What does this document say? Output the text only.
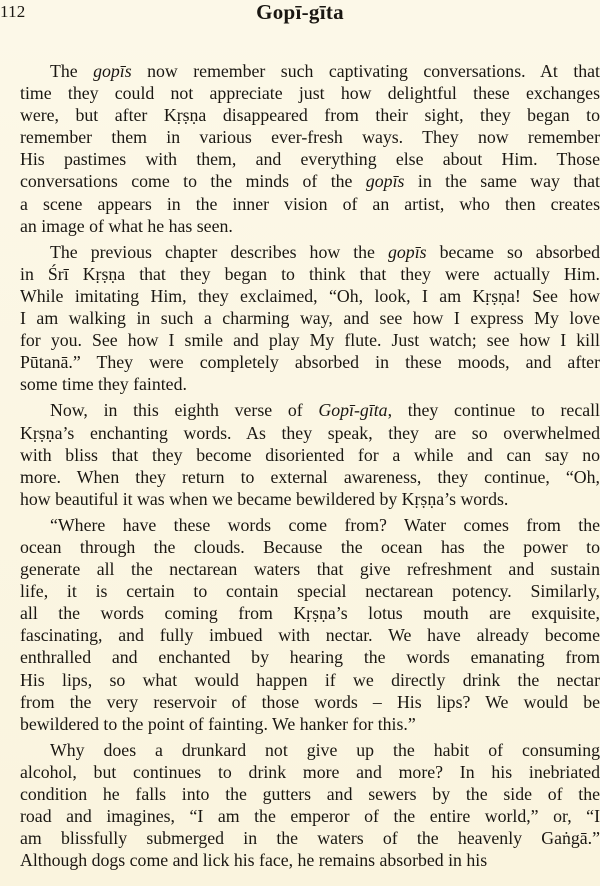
112	Gopī-gīta
The gopīs now remember such captivating conversations. At that
time they could not appreciate just how delightful these exchanges
were, but after Kṛṣṇa disappeared from their sight, they began to
remember them in various ever-fresh ways. They now remember
His pastimes with them, and everything else about Him. Those
conversations come to the minds of the gopīs in the same way that
a scene appears in the inner vision of an artist, who then creates
an image of what he has seen.
The previous chapter describes how the gopīs became so absorbed
in Śrī Kṛṣṇa that they began to think that they were actually Him.
While imitating Him, they exclaimed, “Oh, look, I am Kṛṣṇa! See how
I am walking in such a charming way, and see how I express My love
for you. See how I smile and play My flute. Just watch; see how I kill
Pūtanā.” They were completely absorbed in these moods, and after
some time they fainted.
Now, in this eighth verse of Gopī-gīta, they continue to recall
Kṛṣṇa’s enchanting words. As they speak, they are so overwhelmed
with bliss that they become disoriented for a while and can say no
more. When they return to external awareness, they continue, “Oh,
how beautiful it was when we became bewildered by Kṛṣṇa’s words.
“Where have these words come from? Water comes from the
ocean through the clouds. Because the ocean has the power to
generate all the nectarean waters that give refreshment and sustain
life, it is certain to contain special nectarean potency. Similarly,
all the words coming from Kṛṣṇa’s lotus mouth are exquisite,
fascinating, and fully imbued with nectar. We have already become
enthralled and enchanted by hearing the words emanating from
His lips, so what would happen if we directly drink the nectar
from the very reservoir of those words – His lips? We would be
bewildered to the point of fainting. We hanker for this.”
Why does a drunkard not give up the habit of consuming
alcohol, but continues to drink more and more? In his inebriated
condition he falls into the gutters and sewers by the side of the
road and imagines, “I am the emperor of the entire world,” or, “I
am blissfully submerged in the waters of the heavenly Gaṅgā.”
Although dogs come and lick his face, he remains absorbed in his
